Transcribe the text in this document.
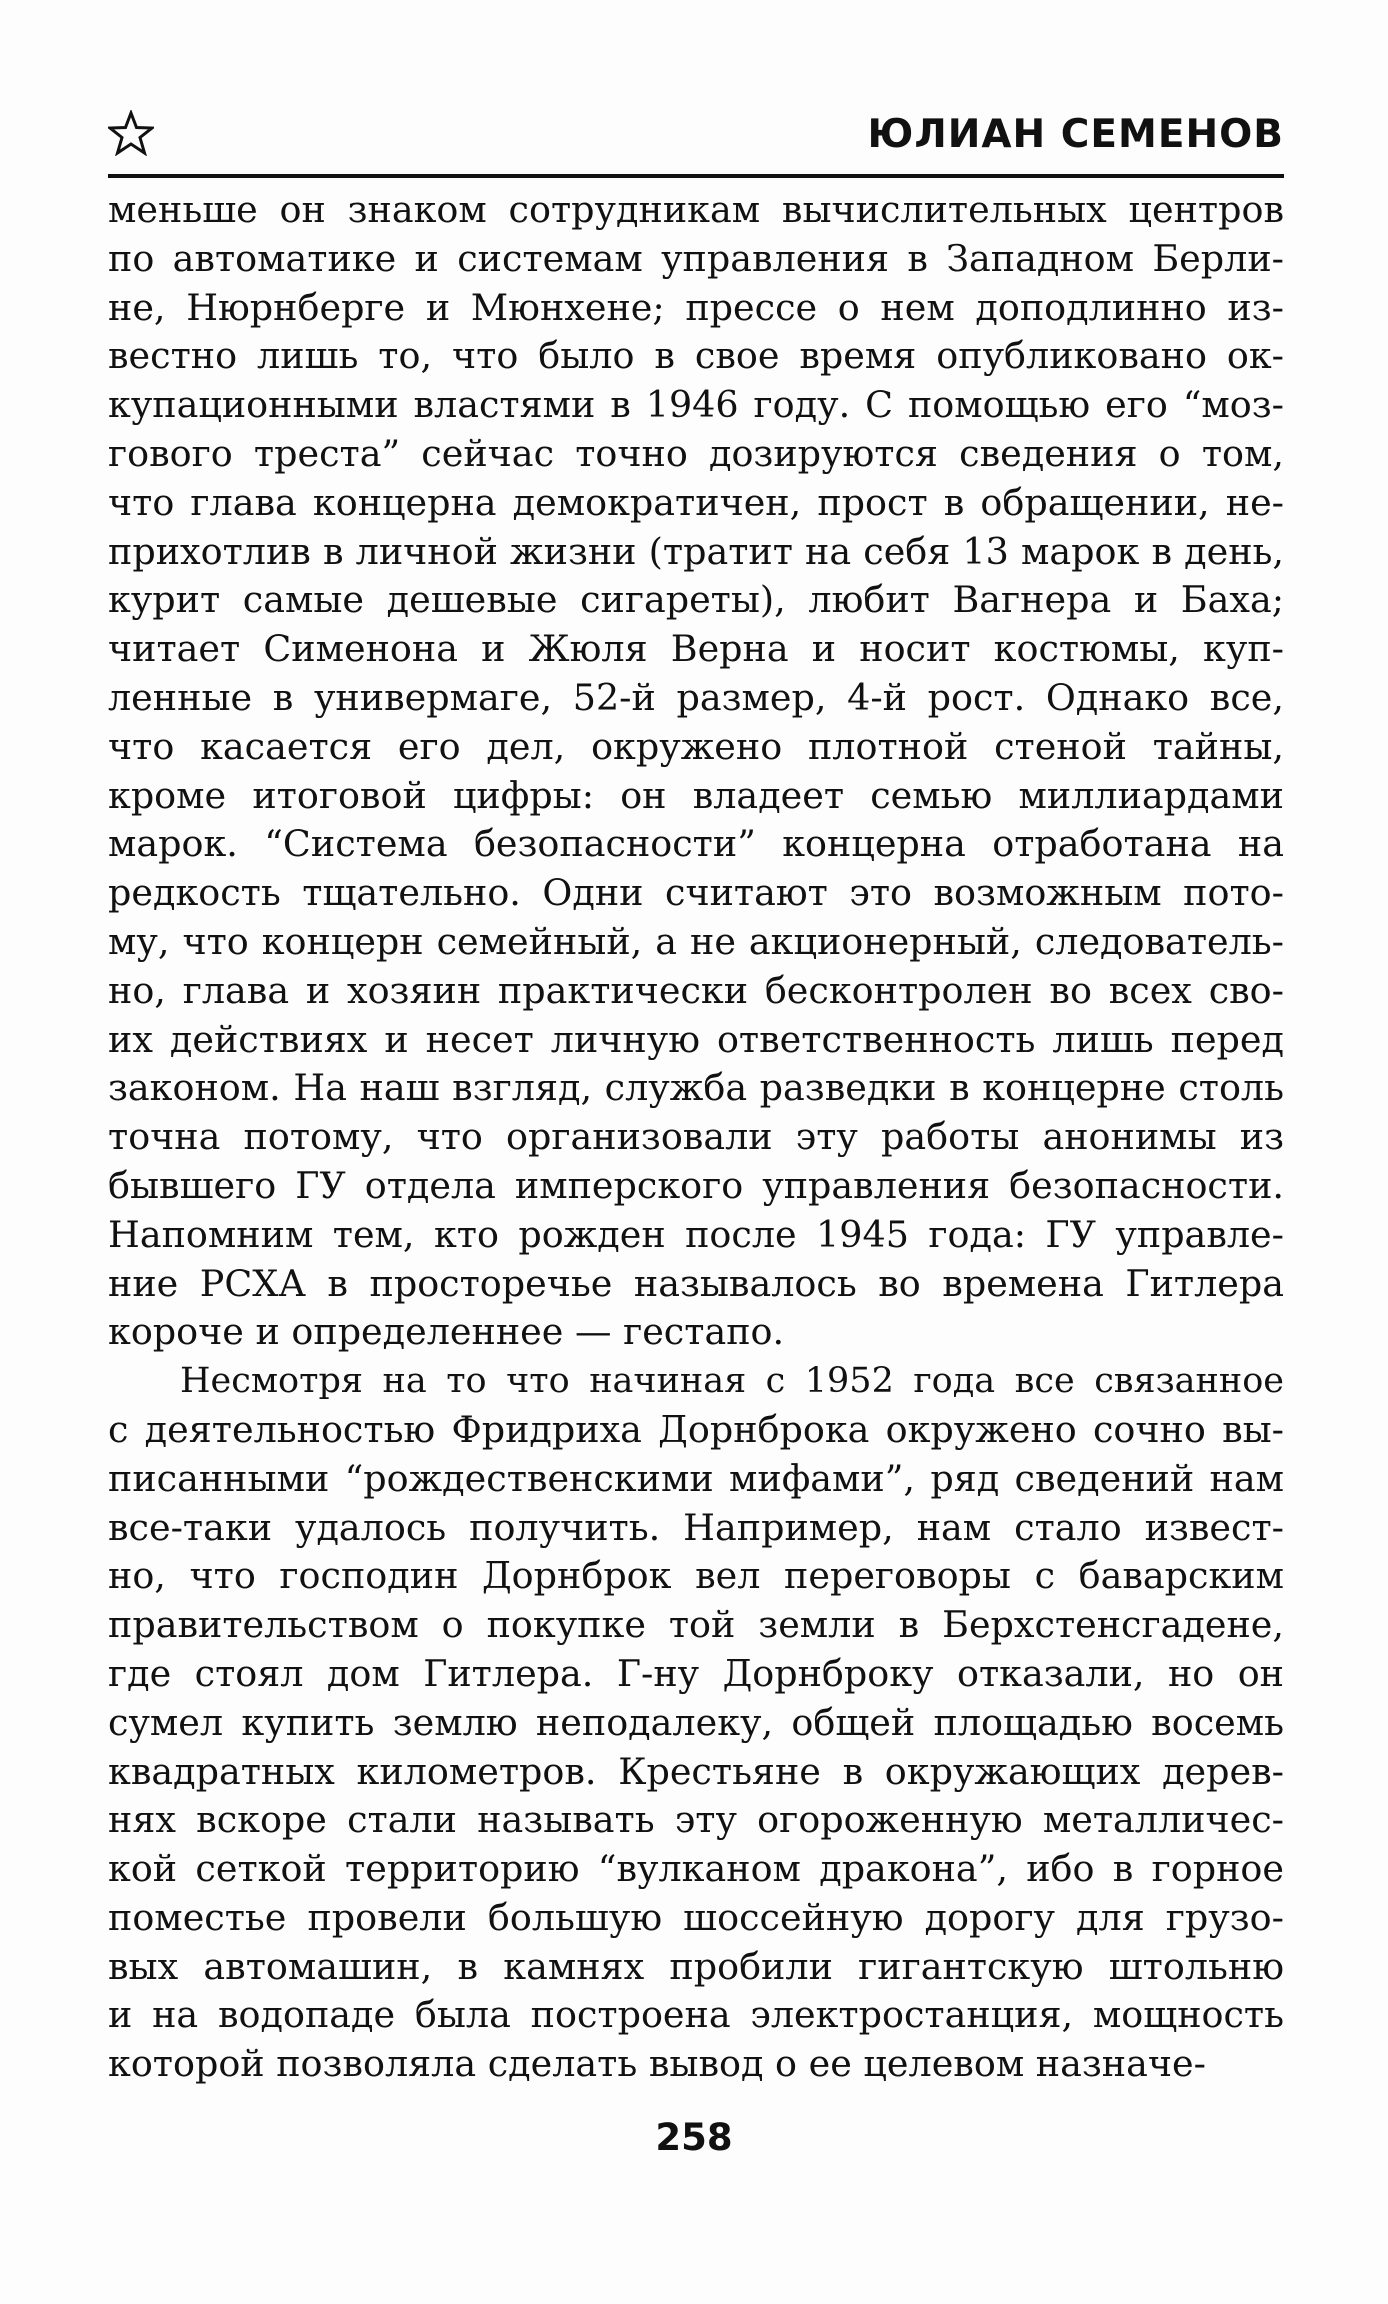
ЮЛИАН СЕМЕНОВ
меньше он знаком сотрудникам вычислительных центров
по автоматике и системам управления в Западном Берли-
не, Нюрнберге и Мюнхене; прессе о нем доподлинно из-
вестно лишь то, что было в свое время опубликовано ок-
купационными властями в 1946 году. С помощью его “моз-
гового треста” сейчас точно дозируются сведения о том,
что глава концерна демократичен, прост в обращении, не-
прихотлив в личной жизни (тратит на себя 13 марок в день,
курит самые дешевые сигареты), любит Вагнера и Баха;
читает Сименона и Жюля Верна и носит костюмы, куп-
ленные в универмаге, 52-й размер, 4-й рост. Однако все,
что касается его дел, окружено плотной стеной тайны,
кроме итоговой цифры: он владеет семью миллиардами
марок. “Система безопасности” концерна отработана на
редкость тщательно. Одни считают это возможным пото-
му, что концерн семейный, а не акционерный, следователь-
но, глава и хозяин практически бесконтролен во всех сво-
их действиях и несет личную ответственность лишь перед
законом. На наш взгляд, служба разведки в концерне столь
точна потому, что организовали эту работы анонимы из
бывшего ГУ отдела имперского управления безопасности.
Напомним тем, кто рожден после 1945 года: ГУ управле-
ние РСХА в просторечье называлось во времена Гитлера
короче и определеннее — гестапо.
Несмотря на то что начиная с 1952 года все связанное
с деятельностью Фридриха Дорнброка окружено сочно вы-
писанными “рождественскими мифами”, ряд сведений нам
все-таки удалось получить. Например, нам стало извест-
но, что господин Дорнброк вел переговоры с баварским
правительством о покупке той земли в Берхстенсгадене,
где стоял дом Гитлера. Г-ну Дорнброку отказали, но он
сумел купить землю неподалеку, общей площадью восемь
квадратных километров. Крестьяне в окружающих дерев-
нях вскоре стали называть эту огороженную металличес-
кой сеткой территорию “вулканом дракона”, ибо в горное
поместье провели большую шоссейную дорогу для грузо-
вых автомашин, в камнях пробили гигантскую штольню
и на водопаде была построена электростанция, мощность
которой позволяла сделать вывод о ее целевом назначе-
258
